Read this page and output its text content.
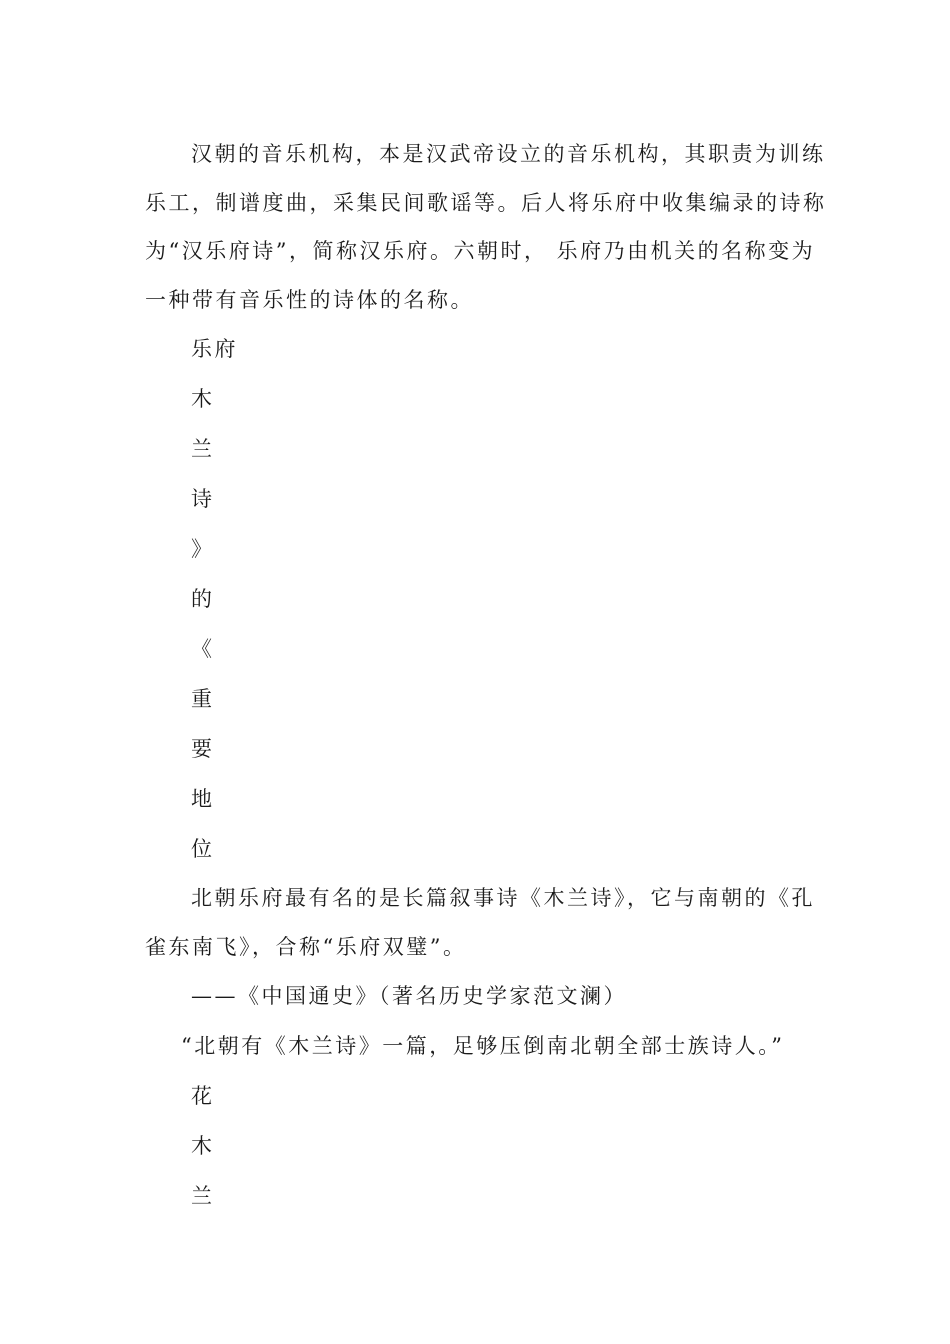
汉朝的音乐机构，本是汉武帝设立的音乐机构，其职责为训练
乐工，制谱度曲，采集民间歌谣等。后人将乐府中收集编录的诗称
为“汉乐府诗”，简称汉乐府。六朝时， 乐府乃由机关的名称变为
一种带有音乐性的诗体的名称。

乐府

木

兰

诗

》

的

《

重

要

地

位

北朝乐府最有名的是长篇叙事诗《木兰诗》，它与南朝的《孔
雀东南飞》，合称“乐府双璧”。

——《中国通史》（著名历史学家范文澜）

“北朝有《木兰诗》一篇，足够压倒南北朝全部士族诗人。”

花

木

兰
